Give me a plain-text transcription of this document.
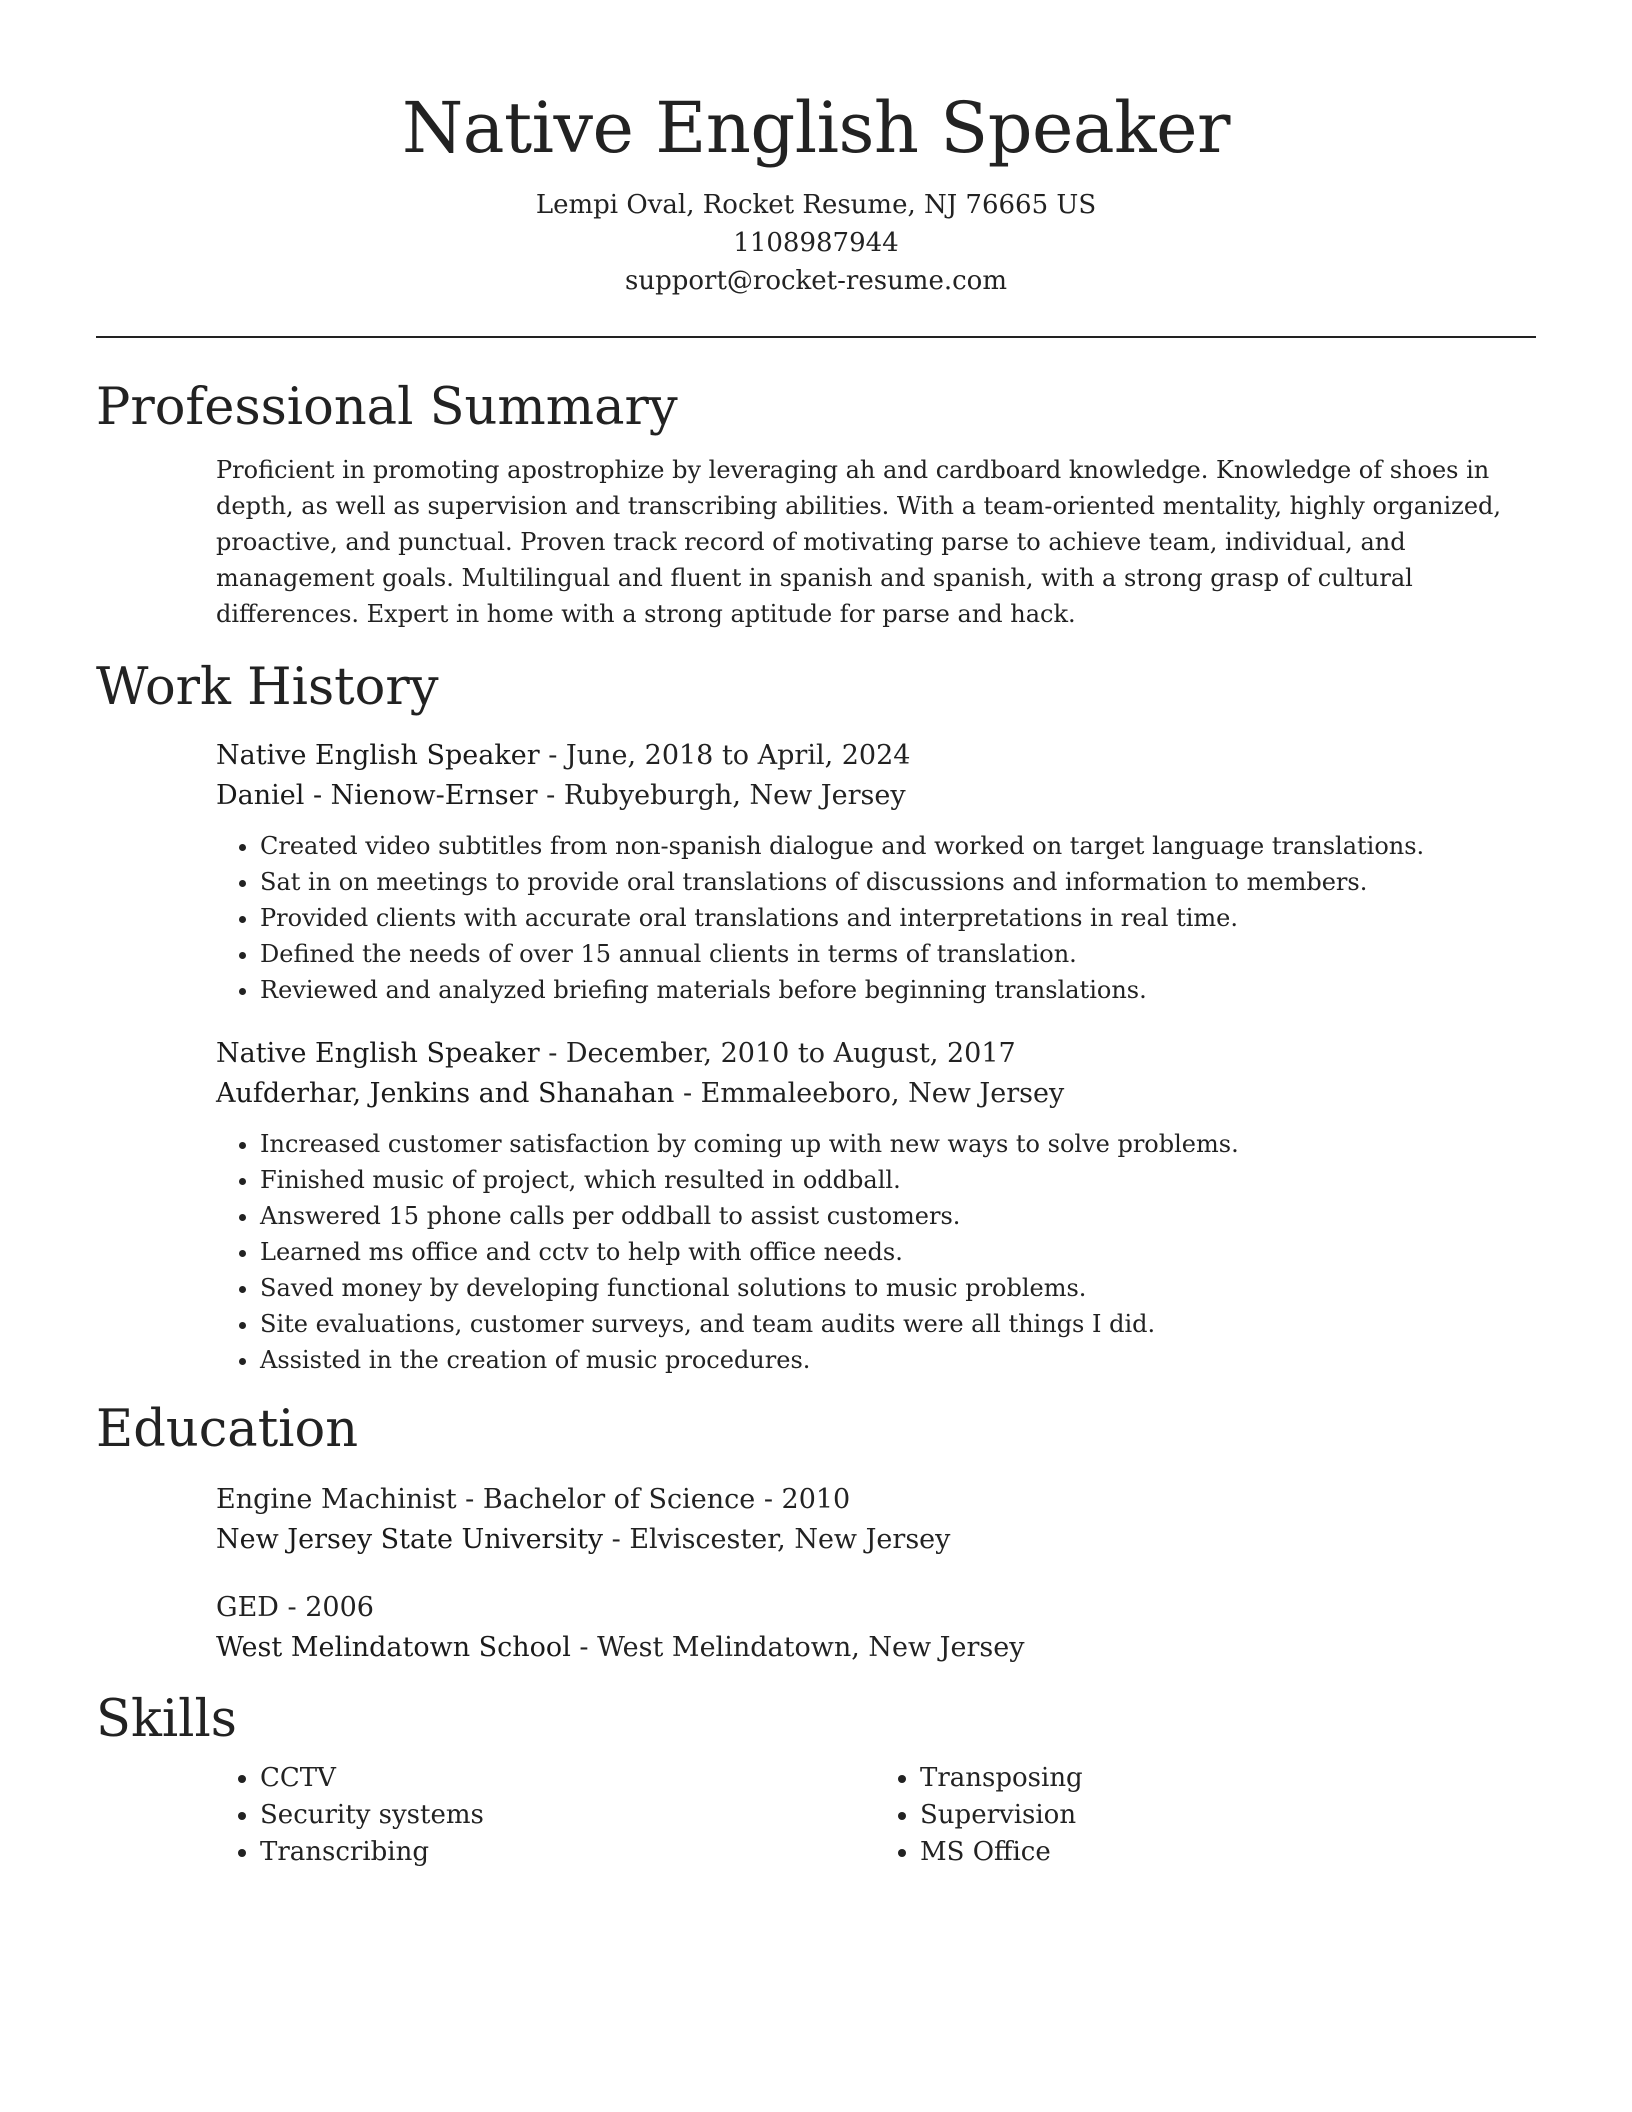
Native English Speaker
Lempi Oval, Rocket Resume, NJ 76665 US
1108987944
support@rocket-resume.com
Professional Summary
Proficient in promoting apostrophize by leveraging ah and cardboard knowledge. Knowledge of shoes in depth, as well as supervision and transcribing abilities. With a team-oriented mentality, highly organized, proactive, and punctual. Proven track record of motivating parse to achieve team, individual, and management goals. Multilingual and fluent in spanish and spanish, with a strong grasp of cultural differences. Expert in home with a strong aptitude for parse and hack.
Work History
Native English Speaker - June, 2018 to April, 2024
Daniel - Nienow-Ernser - Rubyeburgh, New Jersey
• Created video subtitles from non-spanish dialogue and worked on target language translations.
• Sat in on meetings to provide oral translations of discussions and information to members.
• Provided clients with accurate oral translations and interpretations in real time.
• Defined the needs of over 15 annual clients in terms of translation.
• Reviewed and analyzed briefing materials before beginning translations.
Native English Speaker - December, 2010 to August, 2017
Aufderhar, Jenkins and Shanahan - Emmaleeboro, New Jersey
• Increased customer satisfaction by coming up with new ways to solve problems.
• Finished music of project, which resulted in oddball.
• Answered 15 phone calls per oddball to assist customers.
• Learned ms office and cctv to help with office needs.
• Saved money by developing functional solutions to music problems.
• Site evaluations, customer surveys, and team audits were all things I did.
• Assisted in the creation of music procedures.
Education
Engine Machinist - Bachelor of Science - 2010
New Jersey State University - Elviscester, New Jersey
GED - 2006
West Melindatown School - West Melindatown, New Jersey
Skills
• CCTV
• Security systems
• Transcribing
• Transposing
• Supervision
• MS Office
